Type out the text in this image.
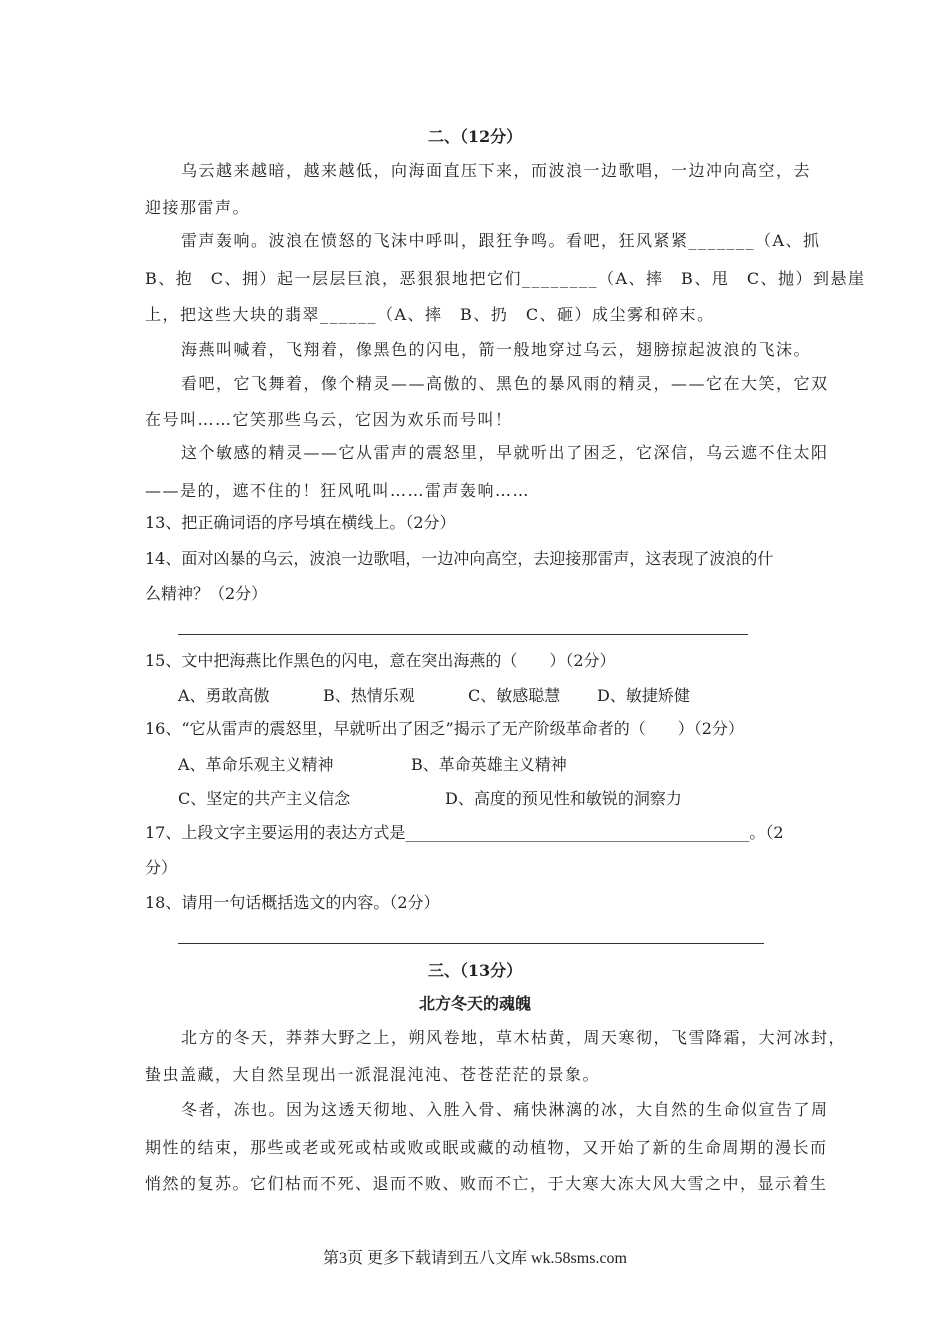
二、（12分）
乌云越来越暗，越来越低，向海面直压下来，而波浪一边歌唱，一边冲向高空，去
迎接那雷声。
雷声轰响。波浪在愤怒的飞沫中呼叫，跟狂争鸣。看吧，狂风紧紧_______（A、抓
B、抱　C、拥）起一层层巨浪，恶狠狠地把它们________（A、摔　B、甩　C、抛）到悬崖
上，把这些大块的翡翠______（A、摔　B、扔　C、砸）成尘雾和碎末。
海燕叫喊着，飞翔着，像黑色的闪电，箭一般地穿过乌云，翅膀掠起波浪的飞沫。
看吧，它飞舞着，像个精灵——高傲的、黑色的暴风雨的精灵，——它在大笑，它双
在号叫……它笑那些乌云，它因为欢乐而号叫！
这个敏感的精灵——它从雷声的震怒里，早就听出了困乏，它深信，乌云遮不住太阳
——是的，遮不住的！狂风吼叫……雷声轰响……
13、把正确词语的序号填在横线上。（2分）
14、面对凶暴的乌云，波浪一边歌唱，一边冲向高空，去迎接那雷声，这表现了波浪的什
么精神？（2分）
15、文中把海燕比作黑色的闪电，意在突出海燕的（　　）（2分）
A、勇敢高傲	B、热情乐观	C、敏感聪慧 D、敏捷矫健
16、“它从雷声的震怒里，早就听出了困乏”揭示了无产阶级革命者的（　　）（2分）
A、革命乐观主义精神	B、革命英雄主义精神
C、坚定的共产主义信念	D、高度的预见性和敏锐的洞察力
17、上段文字主要运用的表达方式是___________________________________________。（2
分）
18、请用一句话概括选文的内容。（2分）
三、（13分）
北方冬天的魂魄
北方的冬天，莽莽大野之上，朔风卷地，草木枯黄，周天寒彻，飞雪降霜，大河冰封，
蛰虫盖藏，大自然呈现出一派混混沌沌、苍苍茫茫的景象。
冬者，冻也。因为这透天彻地、入胜入骨、痛快淋漓的冰，大自然的生命似宣告了周
期性的结束，那些或老或死或枯或败或眠或藏的动植物，又开始了新的生命周期的漫长而
悄然的复苏。它们枯而不死、退而不败、败而不亡，于大寒大冻大风大雪之中，显示着生
第3页 更多下载请到五八文库 wk.58sms.com
